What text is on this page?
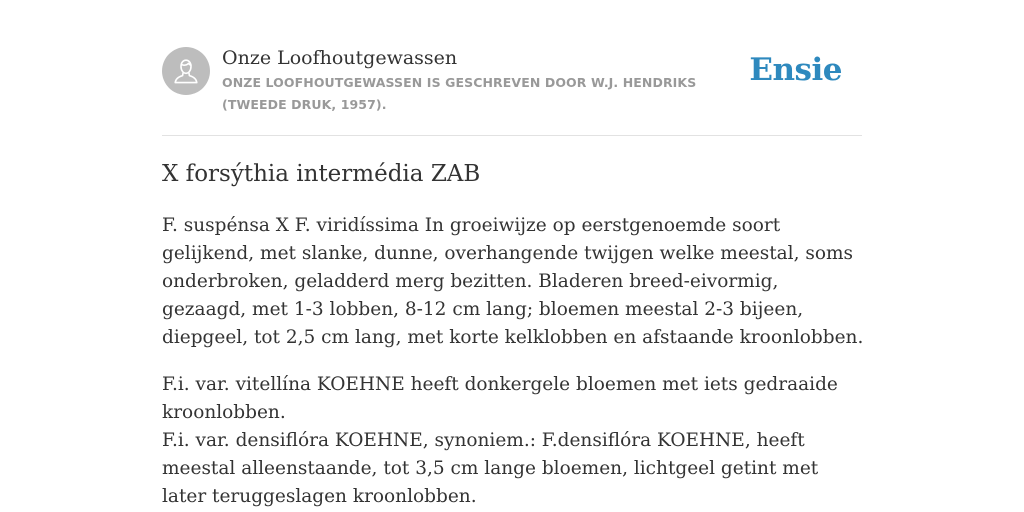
Onze Loofhoutgewassen

ONZE LOOFHOUTGEWASSEN IS GESCHREVEN DOOR W.J. HENDRIKS (TWEEDE DRUK, 1957).

Ensie
X forsýthia intermédia ZAB

F. suspénsa X F. viridíssima In groeiwijze op eerstgenoemde soort gelijkend, met slanke, dunne, overhangende twijgen welke meestal, soms onderbroken, geladderd merg bezitten. Bladeren breed-eivormig, gezaagd, met 1-3 lobben, 8-12 cm lang; bloemen meestal 2-3 bijeen, diepgeel, tot 2,5 cm lang, met korte kelklobben en afstaande kroonlobben.

F.i. var. vitellína KOEHNE heeft donkergele bloemen met iets gedraaide kroonlobben.
F.i. var. densiflóra KOEHNE, synoniem.: F.densiflóra KOEHNE, heeft meestal alleenstaande, tot 3,5 cm lange bloemen, lichtgeel getint met later teruggeslagen kroonlobben.
